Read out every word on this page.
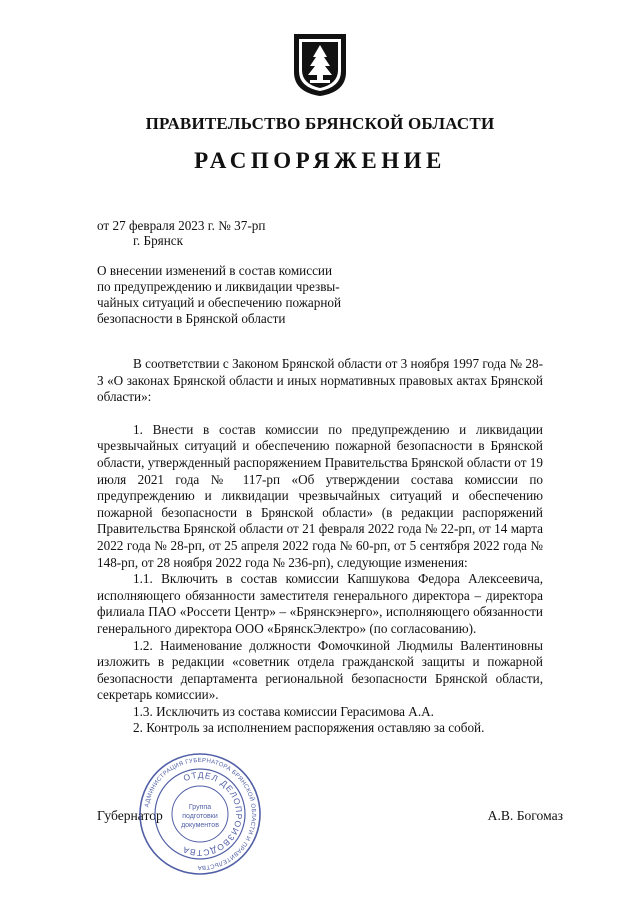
ПРАВИТЕЛЬСТВО БРЯНСКОЙ ОБЛАСТИ
РАСПОРЯЖЕНИЕ
от 27 февраля 2023 г. № 37-рп
г. Брянск
О внесении изменений в состав комиссии
по предупреждению и ликвидации чрезвы-
чайных ситуаций и обеспечению пожарной
безопасности в Брянской области

В соответствии с Законом Брянской области от 3 ноября 1997 года № 28-З «О законах Брянской области и иных нормативных правовых актах Брянской области»:

1. Внести в состав комиссии по предупреждению и ликвидации чрезвычайных ситуаций и обеспечению пожарной безопасности в Брянской области, утвержденный распоряжением Правительства Брянской области от 19 июля 2021 года № 117-рп «Об утверждении состава комиссии по предупреждению и ликвидации чрезвычайных ситуаций и обеспечению пожарной безопасности в Брянской области» (в редакции распоряжений Правительства Брянской области от 21 февраля 2022 года № 22-рп, от 14 марта 2022 года № 28-рп, от 25 апреля 2022 года № 60-рп, от 5 сентября 2022 года № 148-рп, от 28 ноября 2022 года № 236-рп), следующие изменения:

1.1. Включить в состав комиссии Капшукова Федора Алексеевича, исполняющего обязанности заместителя генерального директора – директора филиала ПАО «Россети Центр» – «Брянскэнерго», исполняющего обязанности генерального директора ООО «БрянскЭлектро» (по согласованию).

1.2. Наименование должности Фомочкиной Людмилы Валентиновны изложить в редакции «советник отдела гражданской защиты и пожарной безопасности департамента региональной безопасности Брянской области, секретарь комиссии».

1.3. Исключить из состава комиссии Герасимова А.А.

2. Контроль за исполнением распоряжения оставляю за собой.

Губернатор	А.В. Богомаз
АДМИНИСТРАЦИЯ ГУБЕРНАТОРА БРЯНСКОЙ ОБЛАСТИ И ПРАВИТЕЛЬСТВА
ОТДЕЛ ДЕЛОПРОИЗВОДСТВА
Группа
подготовки
документов
